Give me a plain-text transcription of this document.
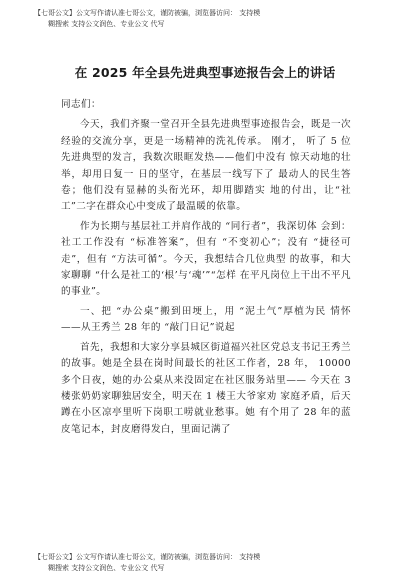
【七哥公文】公文写作请认准七哥公文，谨防被骗，浏览器访问： 支持模
糊搜索 支持公文润色、专业公文 代写
在 2025 年全县先进典型事迹报告会上的讲话

同志们：

今天，我们齐聚一堂召开全县先进典型事迹报告会，既是一次经验的交流分享，更是一场精神的洗礼传承。 刚才， 听了 5 位先进典型的发言，我数次眼眶发热——他们中没有 惊天动地的壮举，却用日复一 日的坚守，在基层一线写下了 最动人的民生答卷；他们没有显赫的头衔光环，却用脚踏实 地的付出，让“社工”二字在群众心中变成了最温暖的依靠。

作为长期与基层社工并肩作战的 “同行者”，我深切体 会到：社工工作没有 “标准答案”，但有 “不变初心”；没有 “捷径可走”，但有 “方法可循”。今天，我想结合几位典型 的故事，和大家聊聊 “什么是社工的‘根’与‘魂’”“怎样 在平凡岗位上干出不平凡的事业”。

一、把 “办公桌”搬到田埂上，用 “泥土气”厚植为民 情怀——从王秀兰 28 年的 “敲门日记”说起

首先，我想和大家分享县城区街道福兴社区党总支书记王秀兰的故事。她是全县在岗时间最长的社区工作者，28 年， 10000 多个日夜，她的办公桌从来没固定在社区服务站里—— 今天在 3 楼张奶奶家聊独居安全，明天在 1 楼王大爷家劝 家庭矛盾，后天蹲在小区凉亭里听下岗职工唠就业愁事。她 有个用了 28 年的蓝皮笔记本，封皮磨得发白，里面记满了

【七哥公文】公文写作请认准七哥公文，谨防被骗，浏览器访问： 支持模
糊搜索 支持公文润色、专业公文 代写
